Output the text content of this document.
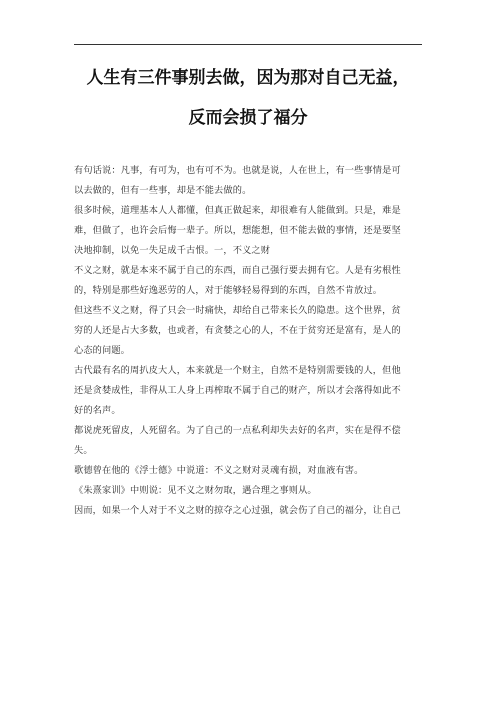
人生有三件事别去做，因为那对自己无益，
反而会损了福分

有句话说：凡事，有可为，也有可不为。也就是说，人在世上，有一些事情是可
以去做的，但有一些事，却是不能去做的。

很多时候，道理基本人人都懂，但真正做起来，却很难有人能做到。只是，难是
难，但做了，也许会后悔一辈子。所以，想能想，但不能去做的事情，还是要坚
决地抑制，以免一失足成千古恨。一，不义之财

不义之财，就是本来不属于自己的东西，而自己强行要去拥有它。人是有劣根性
的，特别是那些好逸恶劳的人，对于能够轻易得到的东西，自然不肯放过。

但这些不义之财，得了只会一时痛快，却给自己带来长久的隐患。这个世界，贫
穷的人还是占大多数，也或者，有贪婪之心的人，不在于贫穷还是富有，是人的
心态的问题。

古代最有名的周扒皮大人，本来就是一个财主，自然不是特别需要钱的人，但他
还是贪婪成性，非得从工人身上再榨取不属于自己的财产，所以才会落得如此不
好的名声。

都说虎死留皮，人死留名。为了自己的一点私利却失去好的名声，实在是得不偿
失。

歌德曾在他的《浮士德》中说道：不义之财对灵魂有损，对血液有害。

《朱熹家训》中则说：见不义之财勿取，遇合理之事则从。

因而，如果一个人对于不义之财的掠夺之心过强，就会伤了自己的福分，让自己
